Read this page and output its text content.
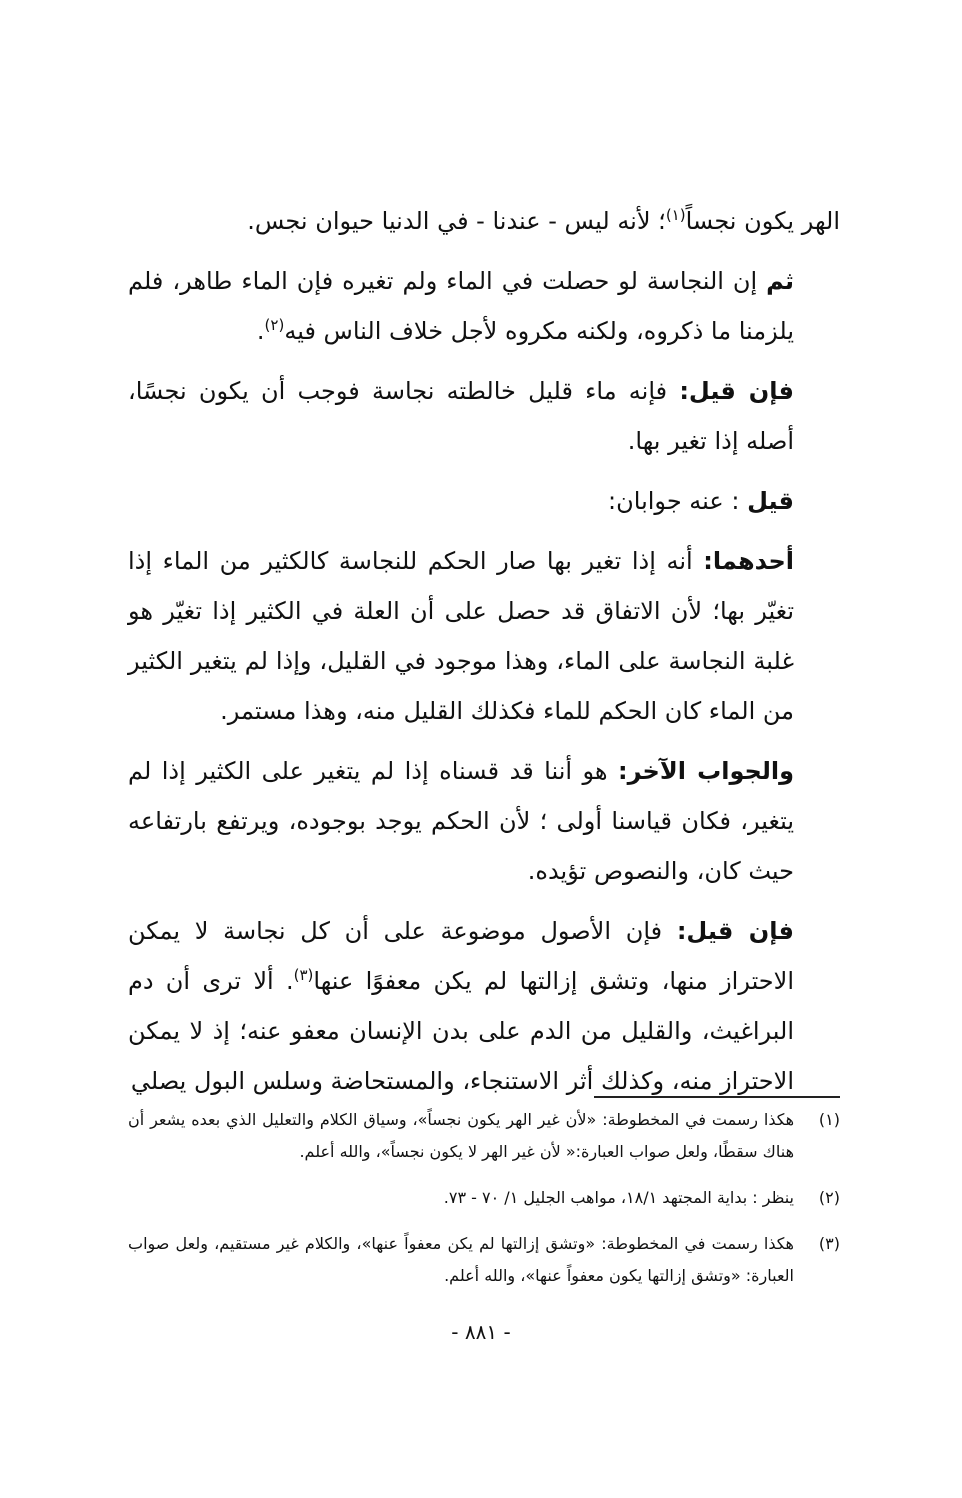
الهر يكون نجساً$^{(١)}$؛ لأنه ليس - عندنا - في الدنيا حيوان نجس.

ثم إن النجاسة لو حصلت في الماء ولم تغيره فإن الماء طاهر، فلم يلزمنا ما ذكروه، ولكنه مكروه لأجل خلاف الناس فيه$^{(٢)}$.

فإن قيل: فإنه ماء قليل خالطته نجاسة فوجب أن يكون نجسًا، أصله إذا تغير بها.

قيل : عنه جوابان:

أحدهما: أنه إذا تغير بها صار الحكم للنجاسة كالكثير من الماء إذا تغيّر بها؛ لأن الاتفاق قد حصل على أن العلة في الكثير إذا تغيّر هو غلبة النجاسة على الماء، وهذا موجود في القليل، وإذا لم يتغير الكثير من الماء كان الحكم للماء فكذلك القليل منه، وهذا مستمر.

والجواب الآخر: هو أننا قد قسناه إذا لم يتغير على الكثير إذا لم يتغير، فكان قياسنا أولى ؛ لأن الحكم يوجد بوجوده، ويرتفع بارتفاعه حيث كان، والنصوص تؤيده.

فإن قيل: فإن الأصول موضوعة على أن كل نجاسة لا يمكن الاحتراز منها، وتشق إزالتها لم يكن معفوًا عنها$^{(٣)}$. ألا ترى أن دم البراغيث، والقليل من الدم على بدن الإنسان معفو عنه؛ إذ لا يمكن الاحتراز منه، وكذلك أثر الاستنجاء، والمستحاضة وسلس البول يصلي

(١)
هكذا رسمت في المخطوطة: «لأن غير الهر يكون نجساً»، وسياق الكلام والتعليل الذي بعده يشعر أن هناك سقطًا، ولعل صواب العبارة:« لأن غير الهر لا يكون نجساً»، والله أعلم.
(٢)
ينظر : بداية المجتهد ١٨/١، مواهب الجليل ١/ ٧٠ - ٧٣.
(٣)
هكذا رسمت في المخطوطة: «وتشق إزالتها لم يكن معفواً عنها»، والكلام غير مستقيم، ولعل صواب العبارة: «وتشق إزالتها يكون معفواً عنها»، والله أعلم.
- ٨٨١ -
